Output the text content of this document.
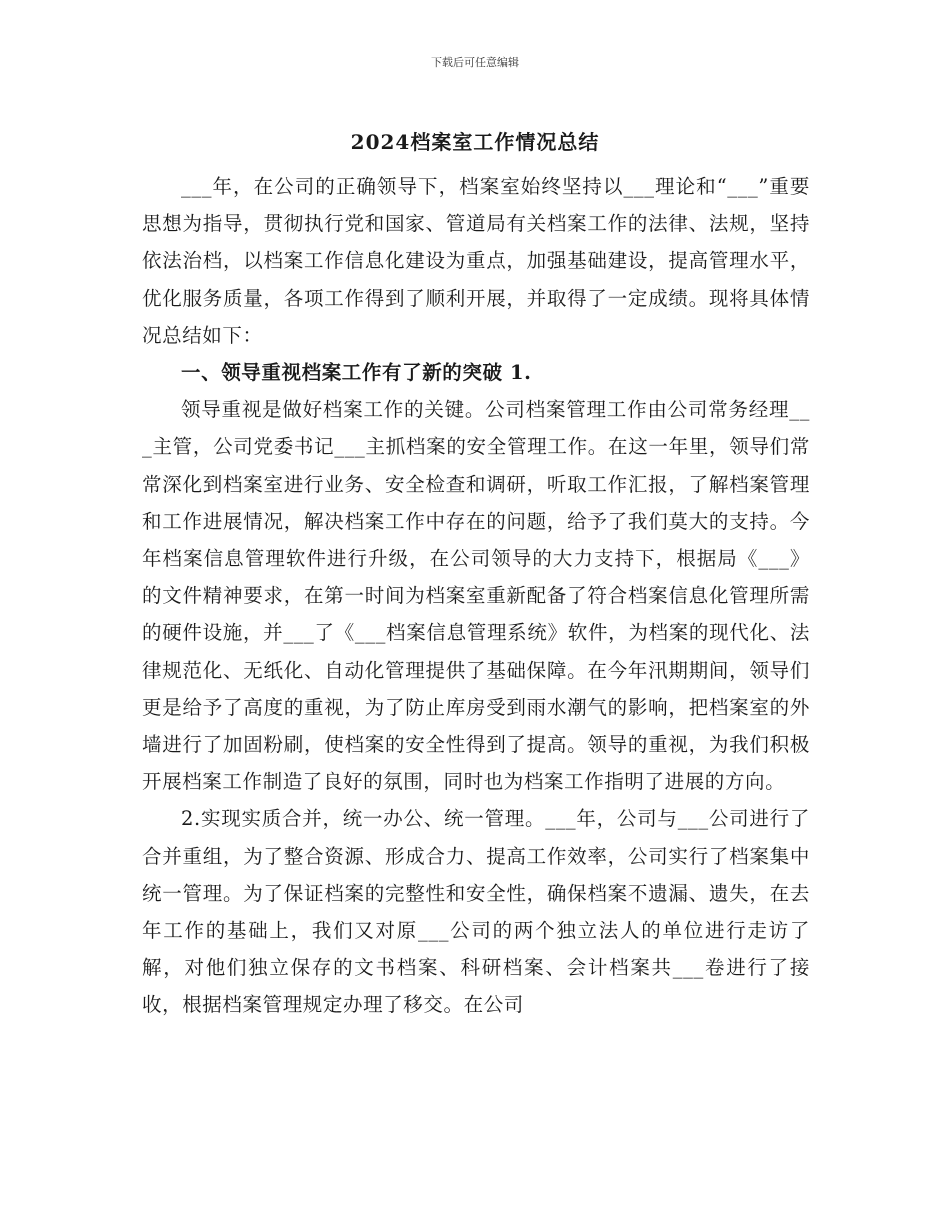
下载后可任意编辑
2024档案室工作情况总结

___年，在公司的正确领导下，档案室始终坚持以___理论和“___”重要思想为指导，贯彻执行党和国家、管道局有关档案工作的法律、法规，坚持依法治档，以档案工作信息化建设为重点，加强基础建设，提高管理水平，优化服务质量，各项工作得到了顺利开展，并取得了一定成绩。现将具体情况总结如下：

一、领导重视档案工作有了新的突破 1.

领导重视是做好档案工作的关键。公司档案管理工作由公司常务经理___主管，公司党委书记___主抓档案的安全管理工作。在这一年里，领导们常常深化到档案室进行业务、安全检查和调研，听取工作汇报，了解档案管理和工作进展情况，解决档案工作中存在的问题，给予了我们莫大的支持。今年档案信息管理软件进行升级，在公司领导的大力支持下，根据局《___》的文件精神要求，在第一时间为档案室重新配备了符合档案信息化管理所需的硬件设施，并___了《___档案信息管理系统》软件，为档案的现代化、法律规范化、无纸化、自动化管理提供了基础保障。在今年汛期期间，领导们更是给予了高度的重视，为了防止库房受到雨水潮气的影响，把档案室的外墙进行了加固粉刷，使档案的安全性得到了提高。领导的重视，为我们积极开展档案工作制造了良好的氛围，同时也为档案工作指明了进展的方向。

2.实现实质合并，统一办公、统一管理。___年，公司与___公司进行了合并重组，为了整合资源、形成合力、提高工作效率，公司实行了档案集中统一管理。为了保证档案的完整性和安全性，确保档案不遗漏、遗失，在去年工作的基础上，我们又对原___公司的两个独立法人的单位进行走访了解，对他们独立保存的文书档案、科研档案、会计档案共___卷进行了接收，根据档案管理规定办理了移交。在公司
